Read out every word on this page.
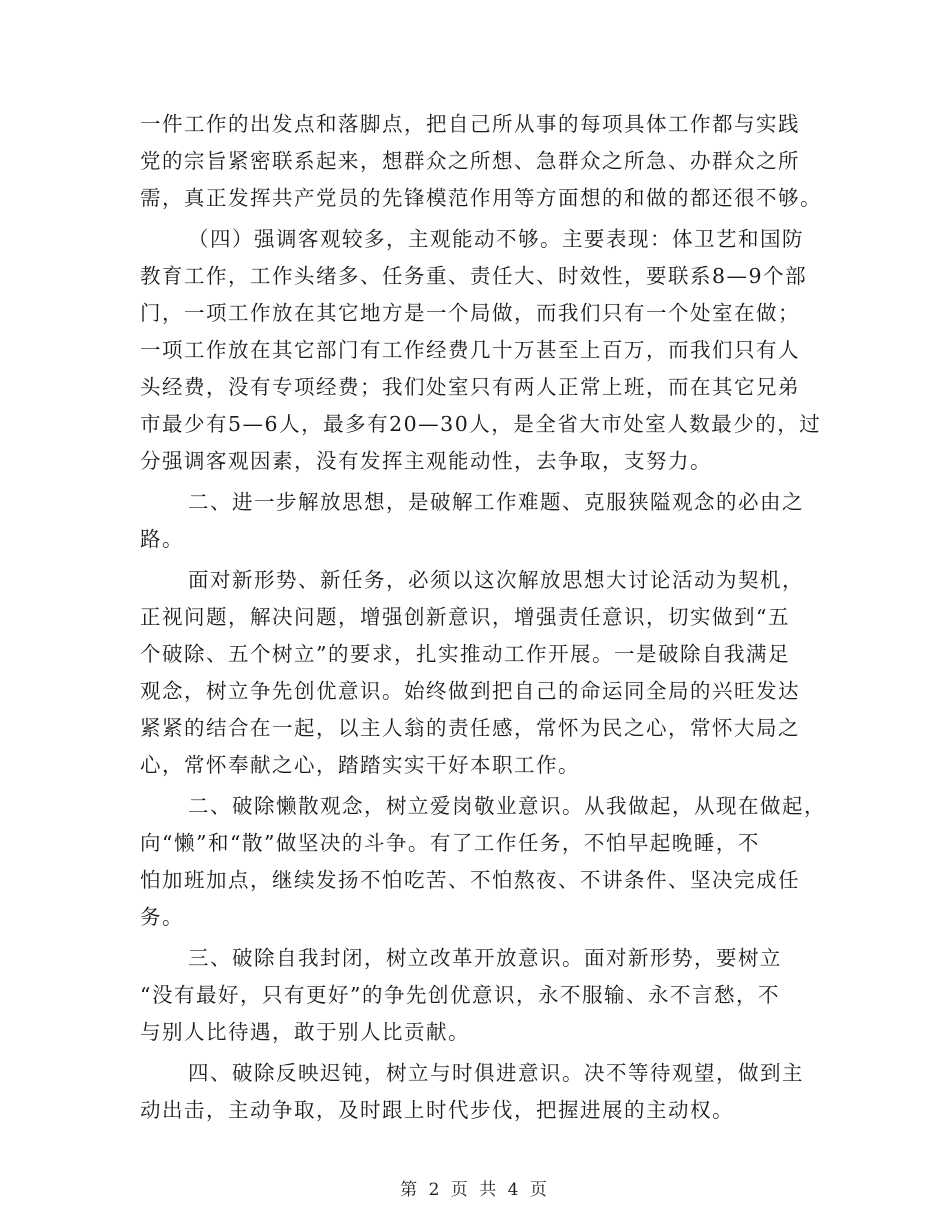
一件工作的出发点和落脚点，把自己所从事的每项具体工作都与实践
党的宗旨紧密联系起来，想群众之所想、急群众之所急、办群众之所
需，真正发挥共产党员的先锋模范作用等方面想的和做的都还很不够。

（四）强调客观较多，主观能动不够。主要表现：体卫艺和国防
教育工作，工作头绪多、任务重、责任大、时效性，要联系8—9个部
门，一项工作放在其它地方是一个局做，而我们只有一个处室在做；
一项工作放在其它部门有工作经费几十万甚至上百万，而我们只有人
头经费，没有专项经费；我们处室只有两人正常上班，而在其它兄弟
市最少有5—6人，最多有20—30人，是全省大市处室人数最少的，过
分强调客观因素，没有发挥主观能动性，去争取，支努力。

二、进一步解放思想，是破解工作难题、克服狭隘观念的必由之
路。

面对新形势、新任务，必须以这次解放思想大讨论活动为契机，
正视问题，解决问题，增强创新意识，增强责任意识，切实做到“五
个破除、五个树立”的要求，扎实推动工作开展。一是破除自我满足
观念，树立争先创优意识。始终做到把自己的命运同全局的兴旺发达
紧紧的结合在一起，以主人翁的责任感，常怀为民之心，常怀大局之
心，常怀奉献之心，踏踏实实干好本职工作。

二、破除懒散观念，树立爱岗敬业意识。从我做起，从现在做起，
向“懒”和“散”做坚决的斗争。有了工作任务，不怕早起晚睡，不
怕加班加点，继续发扬不怕吃苦、不怕熬夜、不讲条件、坚决完成任
务。

三、破除自我封闭，树立改革开放意识。面对新形势，要树立
“没有最好，只有更好”的争先创优意识，永不服输、永不言愁，不
与别人比待遇，敢于别人比贡献。

四、破除反映迟钝，树立与时俱进意识。决不等待观望，做到主
动出击，主动争取，及时跟上时代步伐，把握进展的主动权。

第 2 页 共 4 页
